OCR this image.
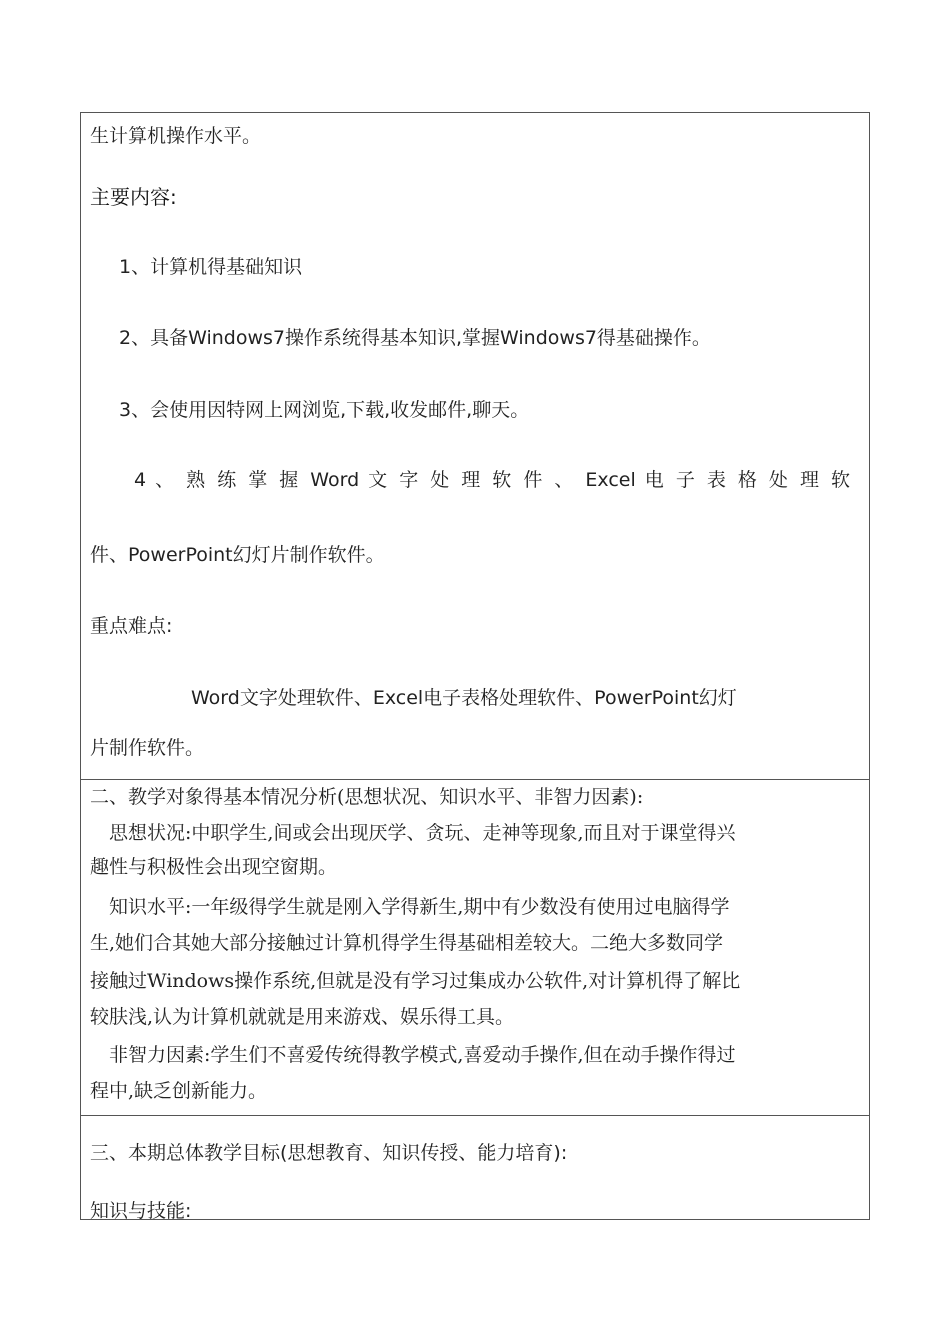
生计算机操作水平。
主要内容:
1、计算机得基础知识
2、具备Windows7操作系统得基本知识,掌握Windows7得基础操作。
3、会使用因特网上网浏览,下载,收发邮件,聊天。
4 、 熟 练 掌 握 Word 文 字 处 理 软 件 、 Excel 电 子 表 格 处 理 软
件、PowerPoint幻灯片制作软件。
重点难点:
Word文字处理软件、Excel电子表格处理软件、PowerPoint幻灯
片制作软件。
二、教学对象得基本情况分析(思想状况、知识水平、非智力因素):
思想状况:中职学生,间或会出现厌学、贪玩、走神等现象,而且对于课堂得兴
趣性与积极性会出现空窗期。
知识水平:一年级得学生就是刚入学得新生,期中有少数没有使用过电脑得学
生,她们合其她大部分接触过计算机得学生得基础相差较大。二绝大多数同学
接触过Windows操作系统,但就是没有学习过集成办公软件,对计算机得了解比
较肤浅,认为计算机就就是用来游戏、娱乐得工具。
非智力因素:学生们不喜爱传统得教学模式,喜爱动手操作,但在动手操作得过
程中,缺乏创新能力。
三、本期总体教学目标(思想教育、知识传授、能力培育):
知识与技能:
